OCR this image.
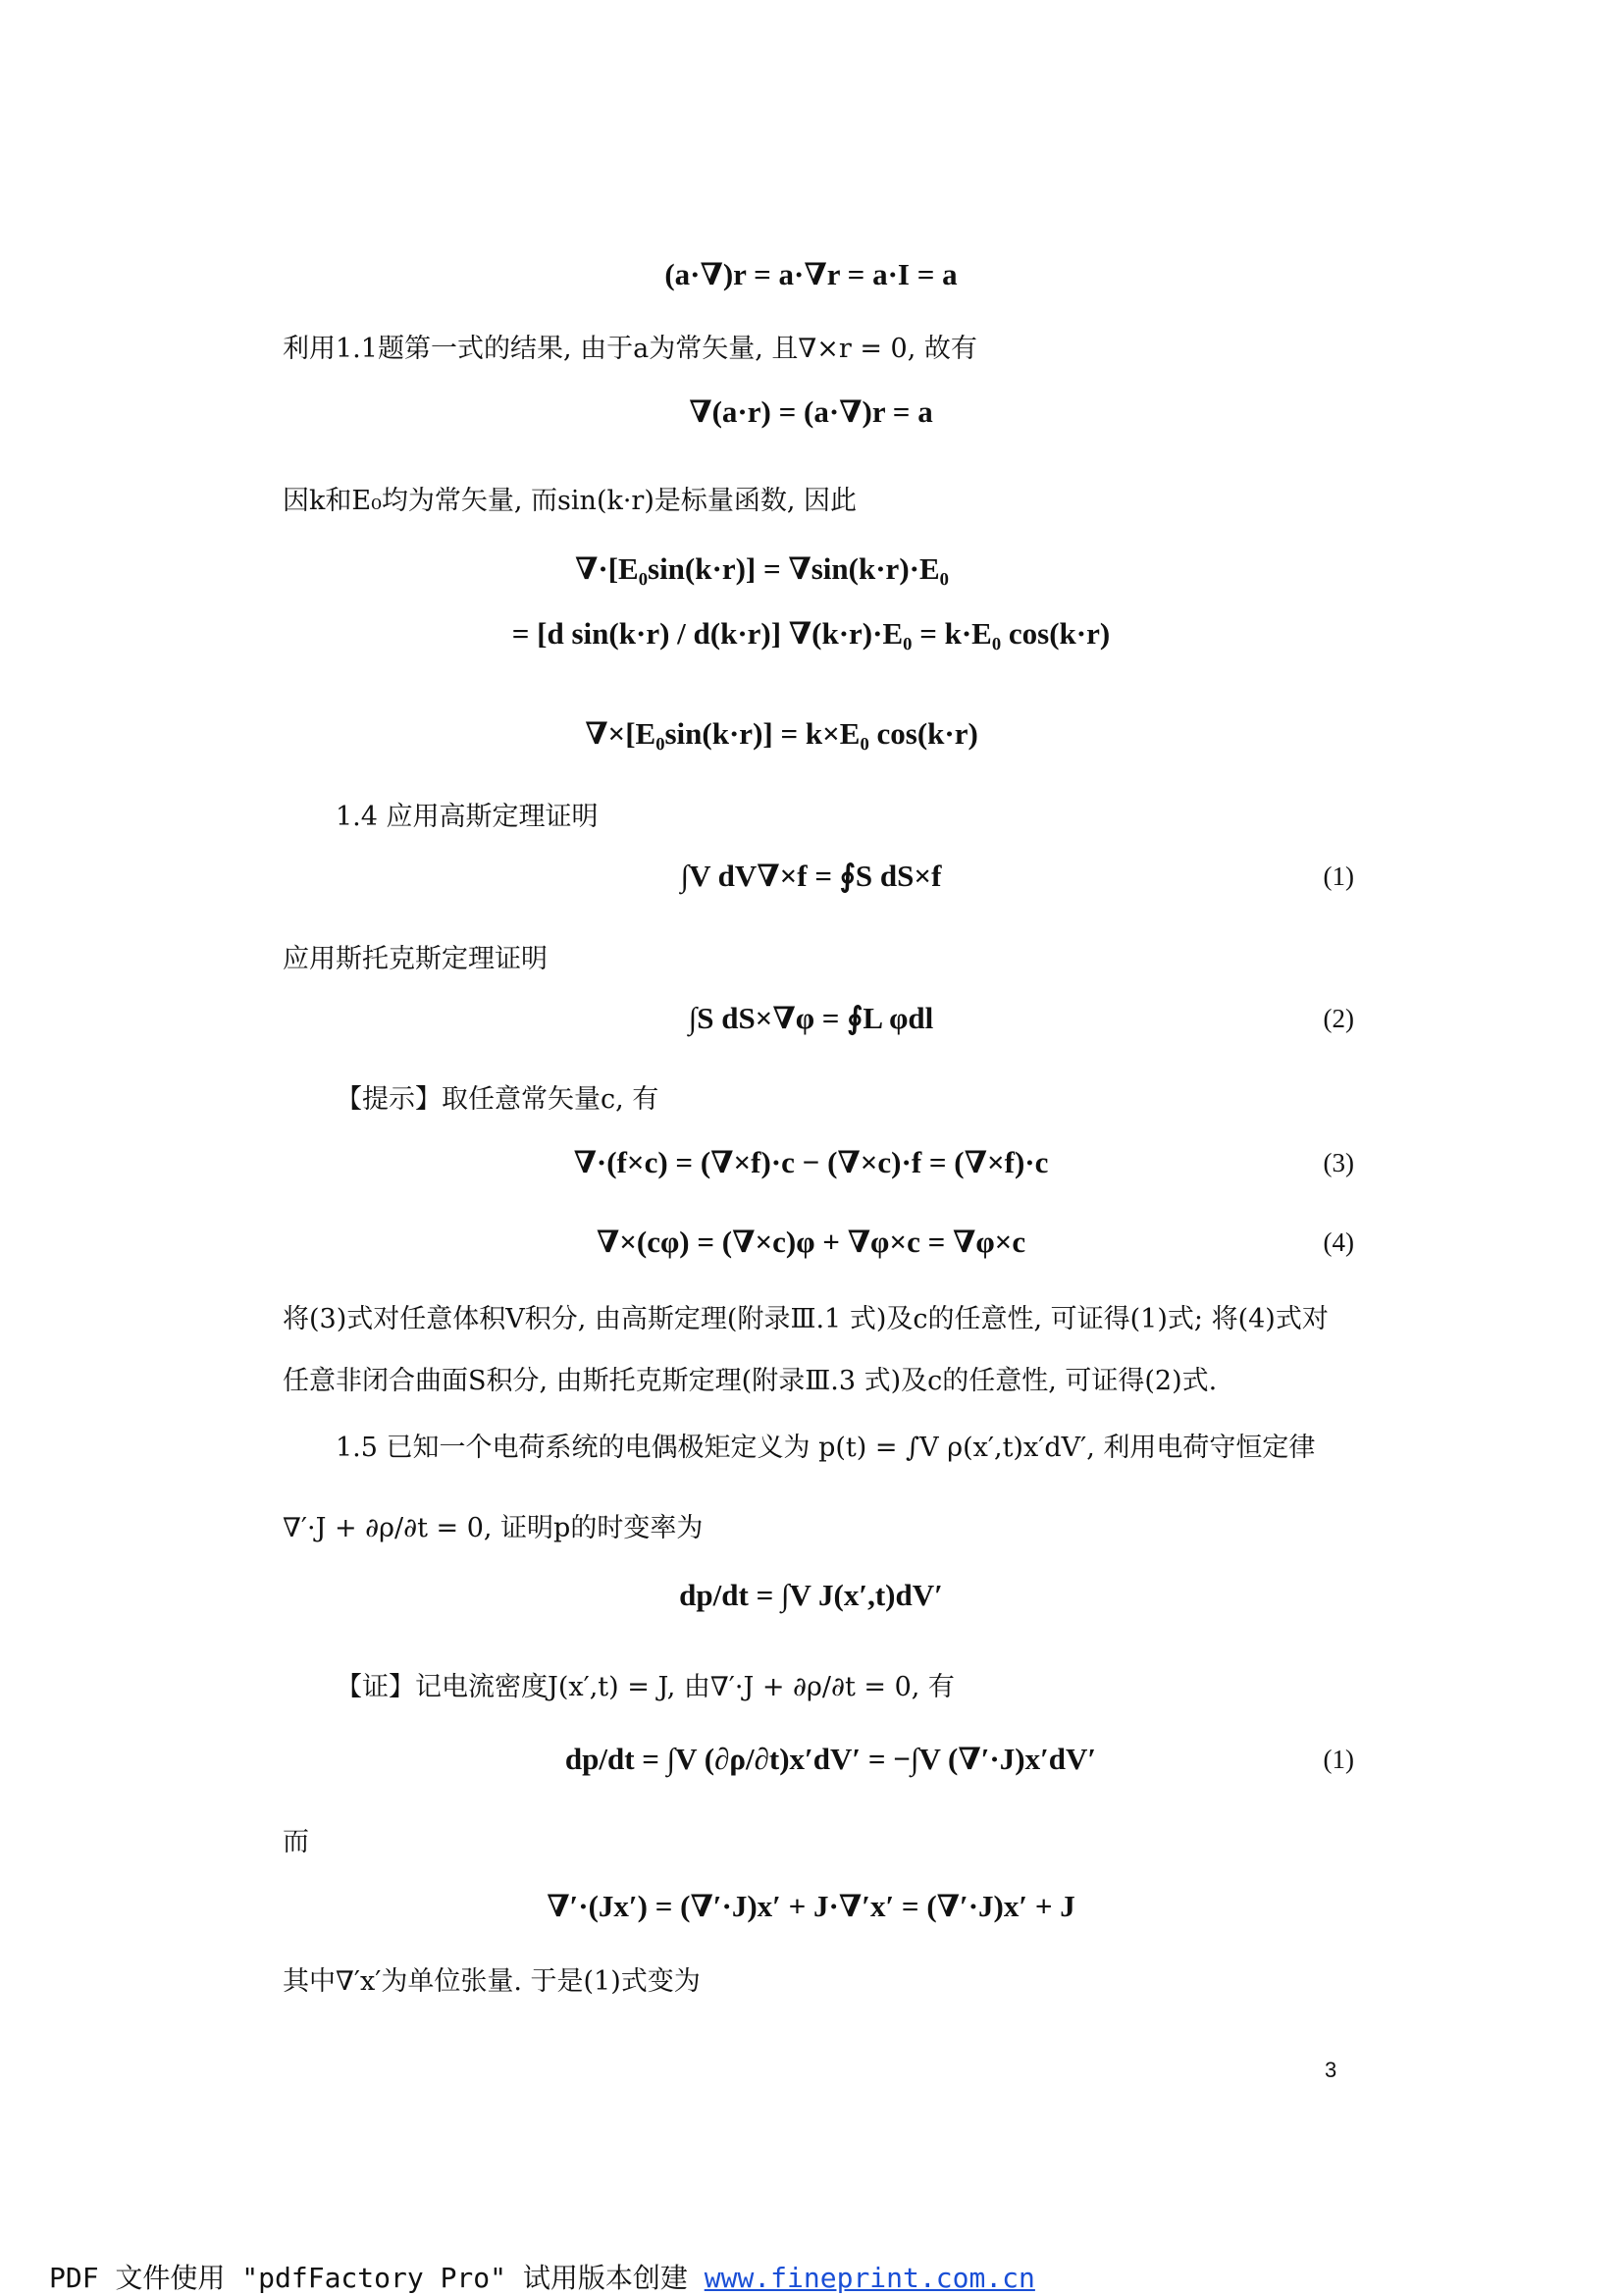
(a·∇)r = a·∇r = a·I = a
利用1.1题第一式的结果, 由于a为常矢量, 且∇×r = 0, 故有
∇(a·r) = (a·∇)r = a
因k和E₀均为常矢量, 而sin(k·r)是标量函数, 因此
∇·[E₀sin(k·r)] = ∇sin(k·r)·E₀
= [d sin(k·r) / d(k·r)] ∇(k·r)·E₀ = k·E₀ cos(k·r)
∇×[E₀sin(k·r)] = k×E₀ cos(k·r)
1.4 应用高斯定理证明
∫V dV∇×f = ∮S dS×f	(1)
应用斯托克斯定理证明
∫S dS×∇φ = ∮L φdl	(2)
【提示】取任意常矢量c, 有
∇·(f×c) = (∇×f)·c − (∇×c)·f = (∇×f)·c	(3)
∇×(cφ) = (∇×c)φ + ∇φ×c = ∇φ×c	(4)
将(3)式对任意体积V积分, 由高斯定理(附录Ⅲ.1 式)及c的任意性, 可证得(1)式; 将(4)式对
任意非闭合曲面S积分, 由斯托克斯定理(附录Ⅲ.3 式)及c的任意性, 可证得(2)式.
1.5 已知一个电荷系统的电偶极矩定义为 p(t) = ∫V ρ(x′,t)x′dV′, 利用电荷守恒定律
∇′·J + ∂ρ/∂t = 0, 证明p的时变率为
dp/dt = ∫V J(x′,t)dV′
【证】记电流密度J(x′,t) = J, 由∇′·J + ∂ρ/∂t = 0, 有
dp/dt = ∫V (∂ρ/∂t)x′dV′ = −∫V (∇′·J)x′dV′	(1)
而
∇′·(Jx′) = (∇′·J)x′ + J·∇′x′ = (∇′·J)x′ + J
其中∇′x′为单位张量. 于是(1)式变为
3
PDF 文件使用 "pdfFactory Pro" 试用版本创建 www.fineprint.com.cn
